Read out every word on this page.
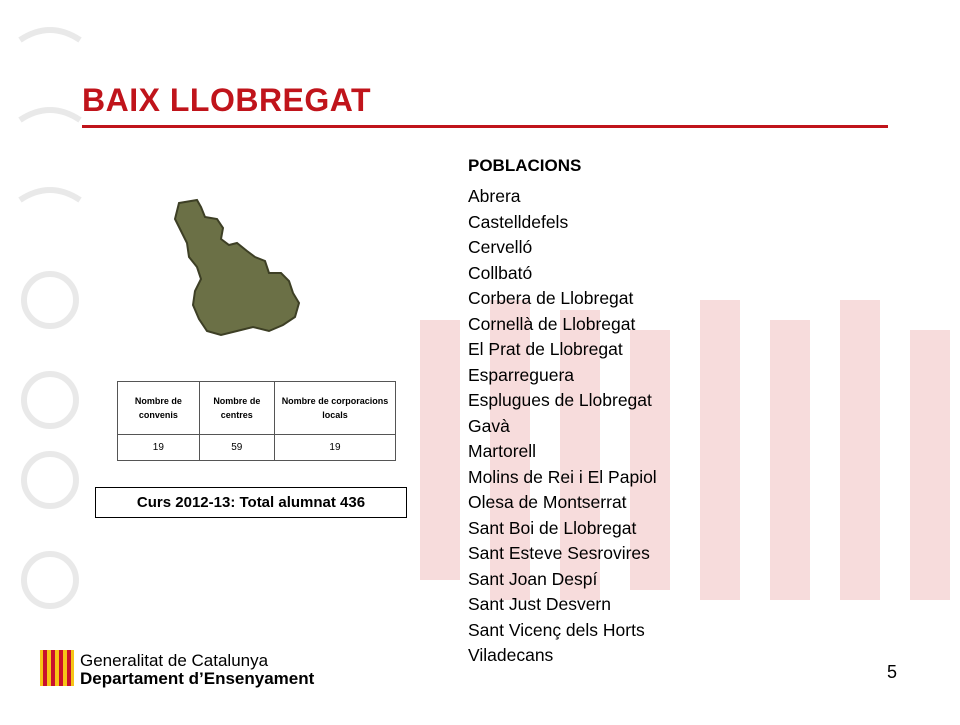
BAIX LLOBREGAT
Nombre de convenis	Nombre de centres	Nombre de corporacions locals
19	59	19
Curs 2012-13: Total alumnat 436
POBLACIONS
Abrera
Castelldefels
Cervelló
Collbató
Corbera de Llobregat
Cornellà de Llobregat
El Prat de Llobregat
Esparreguera
Esplugues de Llobregat
Gavà
Martorell
Molins de Rei i El Papiol
Olesa de Montserrat
Sant Boi de Llobregat
Sant Esteve Sesrovires
Sant Joan Despí
Sant Just Desvern
Sant Vicenç dels Horts
Viladecans
Generalitat de Catalunya
Departament d’Ensenyament	5
